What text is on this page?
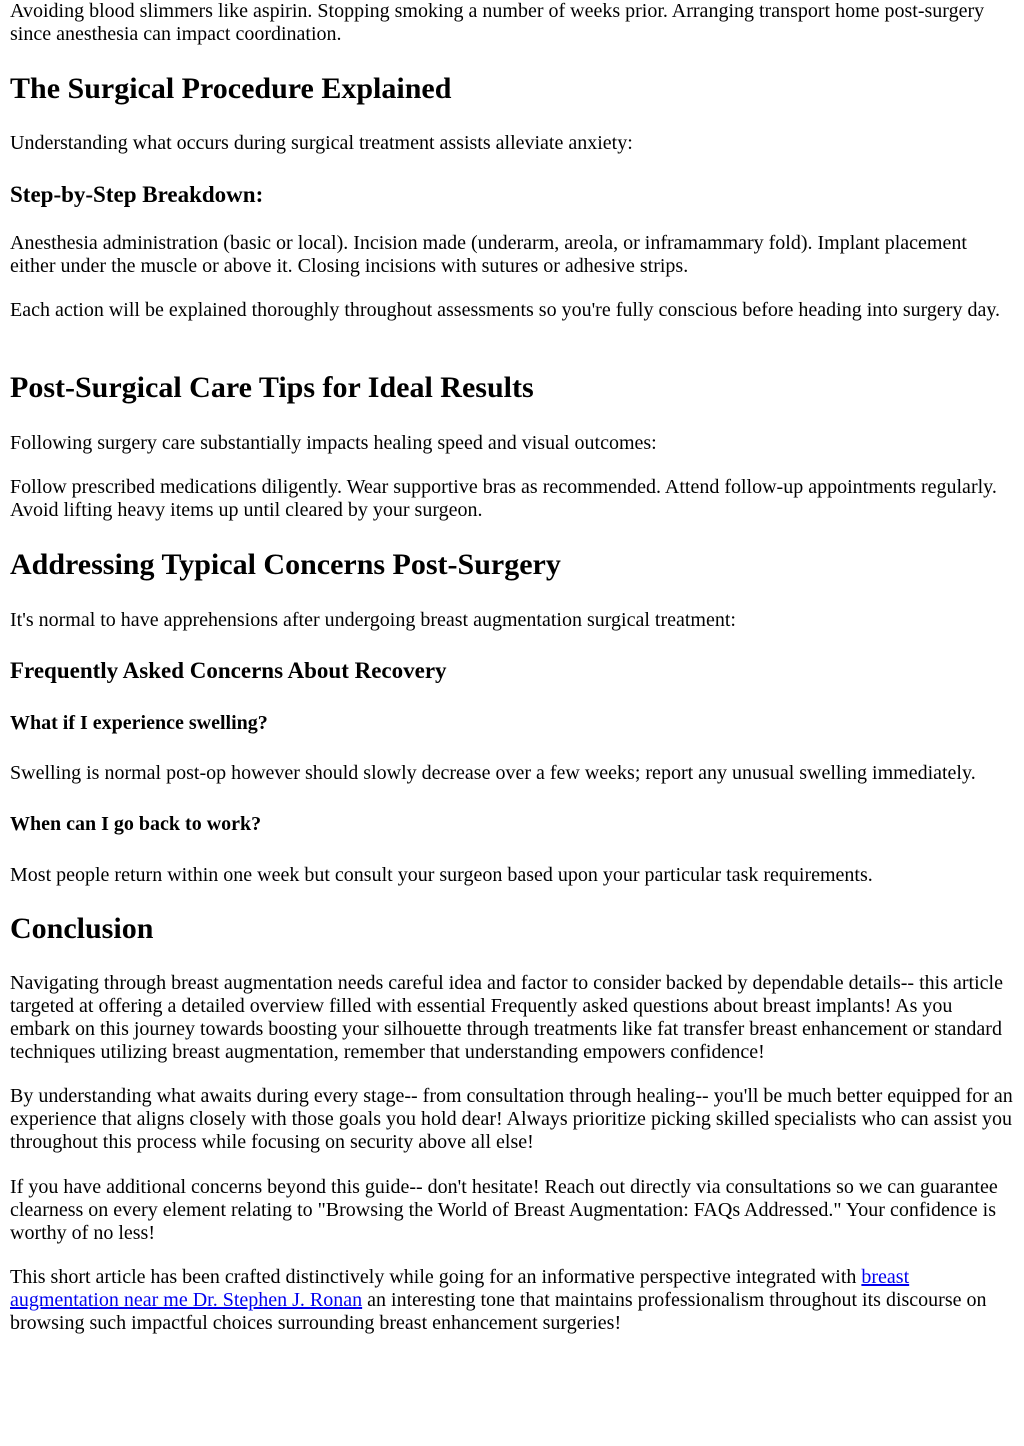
Avoiding blood slimmers like aspirin. Stopping smoking a number of weeks prior. Arranging transport home post-surgery since anesthesia can impact coordination.

The Surgical Procedure Explained

Understanding what occurs during surgical treatment assists alleviate anxiety:

Step-by-Step Breakdown:

Anesthesia administration (basic or local). Incision made (underarm, areola, or inframammary fold). Implant placement either under the muscle or above it. Closing incisions with sutures or adhesive strips.

Each action will be explained thoroughly throughout assessments so you're fully conscious before heading into surgery day.

Post-Surgical Care Tips for Ideal Results

Following surgery care substantially impacts healing speed and visual outcomes:

Follow prescribed medications diligently. Wear supportive bras as recommended. Attend follow-up appointments regularly. Avoid lifting heavy items up until cleared by your surgeon.

Addressing Typical Concerns Post-Surgery

It's normal to have apprehensions after undergoing breast augmentation surgical treatment:

Frequently Asked Concerns About Recovery
What if I experience swelling?

Swelling is normal post-op however should slowly decrease over a few weeks; report any unusual swelling immediately.

When can I go back to work?

Most people return within one week but consult your surgeon based upon your particular task requirements.

Conclusion

Navigating through breast augmentation needs careful idea and factor to consider backed by dependable details-- this article targeted at offering a detailed overview filled with essential Frequently asked questions about breast implants! As you embark on this journey towards boosting your silhouette through treatments like fat transfer breast enhancement or standard techniques utilizing breast augmentation, remember that understanding empowers confidence!

By understanding what awaits during every stage-- from consultation through healing-- you'll be much better equipped for an experience that aligns closely with those goals you hold dear! Always prioritize picking skilled specialists who can assist you throughout this process while focusing on security above all else!

If you have additional concerns beyond this guide-- don't hesitate! Reach out directly via consultations so we can guarantee clearness on every element relating to "Browsing the World of Breast Augmentation: FAQs Addressed." Your confidence is worthy of no less!

This short article has been crafted distinctively while going for an informative perspective integrated with breast augmentation near me Dr. Stephen J. Ronan an interesting tone that maintains professionalism throughout its discourse on browsing such impactful choices surrounding breast enhancement surgeries!
